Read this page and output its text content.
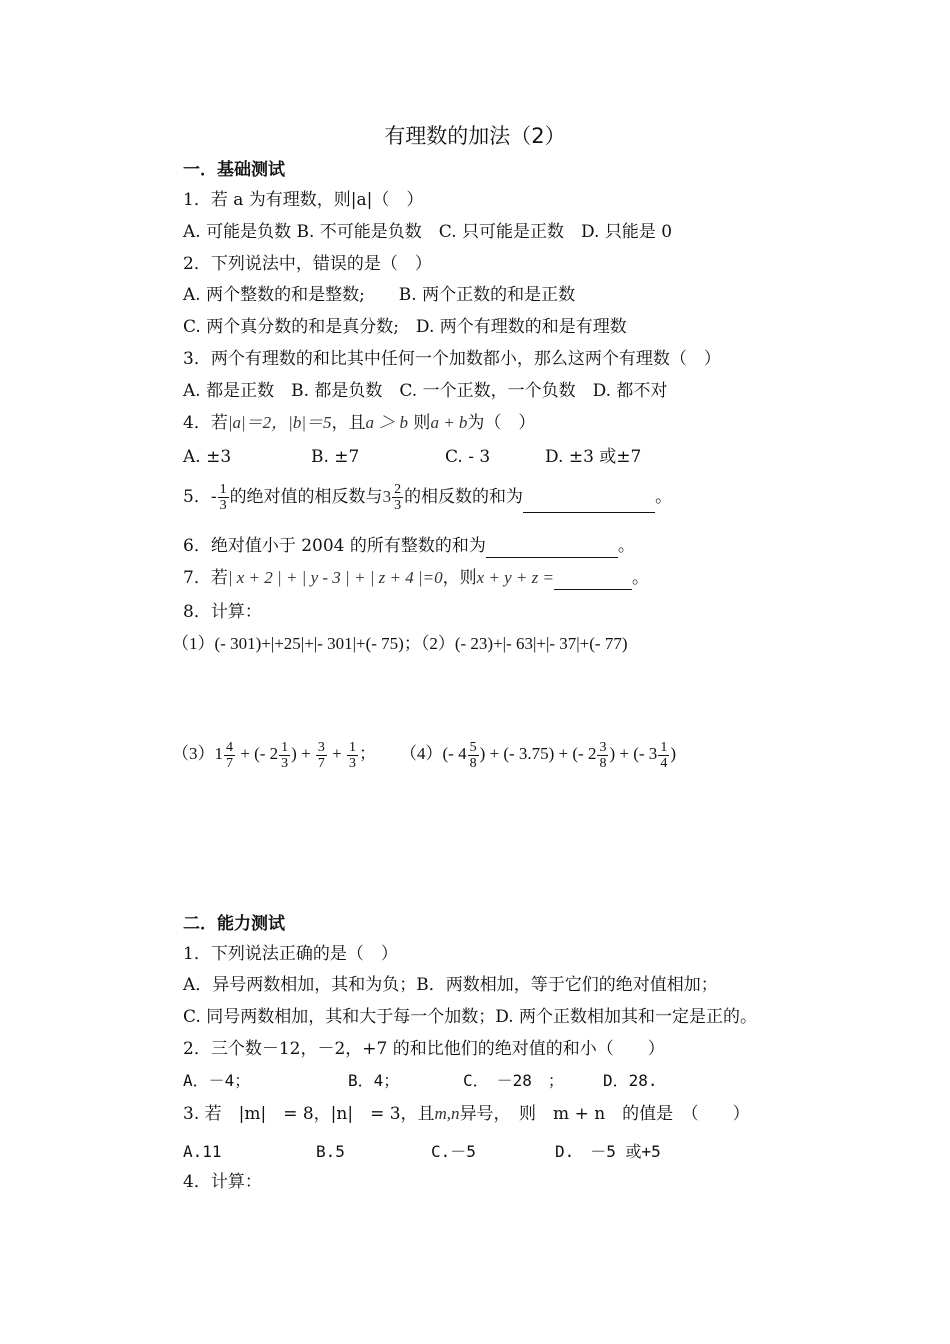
有理数的加法（2）
一．基础测试
1．若 a 为有理数，则|a|（　）
A. 可能是负数 B. 不可能是负数　C. 只可能是正数　D. 只能是 0
2．下列说法中，错误的是（　）
A. 两个整数的和是整数;　　B. 两个正数的和是正数
C. 两个真分数的和是真分数;　D. 两个有理数的和是有理数
3．两个有理数的和比其中任何一个加数都小，那么这两个有理数（　）
A. 都是正数　B. 都是负数　C. 一个正数，一个负数　D. 都不对
4．若|a|＝2，|b|＝5，且a ＞ b 则a + b为（　）
A. ±3	B. ±7	C. - 3	D. ±3 或±7
5．- $\frac{1}{3}$ 的绝对值的相反数与$3 \frac{2}{3}$ 的相反数的和为	。
6．绝对值小于 2004 的所有整数的和为	。
7．若| x + 2 | + | y - 3 | + | z + 4 |=0，则x + y + z =	。
8．计算：
（1）(- 301)+|+25|+|- 301|+(- 75)；（2）(- 23)+|- 63|+|- 37|+(- 77)
$(3)1 \frac{4}{7}$ + (- $2 \frac{1}{3}$ ) + $\frac{3}{7} + \frac{1}{3}$ ； （4）(- $4 \frac{5}{8}$ ) + (- 3.75) + (- $2 \frac{3}{8}$ ) + (- $3 \frac{1}{4}$ )
二．能力测试
1．下列说法正确的是（　）
A．异号两数相加，其和为负；B．两数相加，等于它们的绝对值相加；
C. 同号两数相加，其和大于每一个加数；D. 两个正数相加其和一定是正的。
2．三个数－12，－2，+7 的和比他们的绝对值的和小（　　）
A．－4；	B．4；	C．　－28　； D．28.
3. 若　|m|　= 8，|n|　= 3，且m,n异号，　则　m + n　的值是　（　　）
A.11	B.5	C.－5	D.　－5 或+5
4．计算：
